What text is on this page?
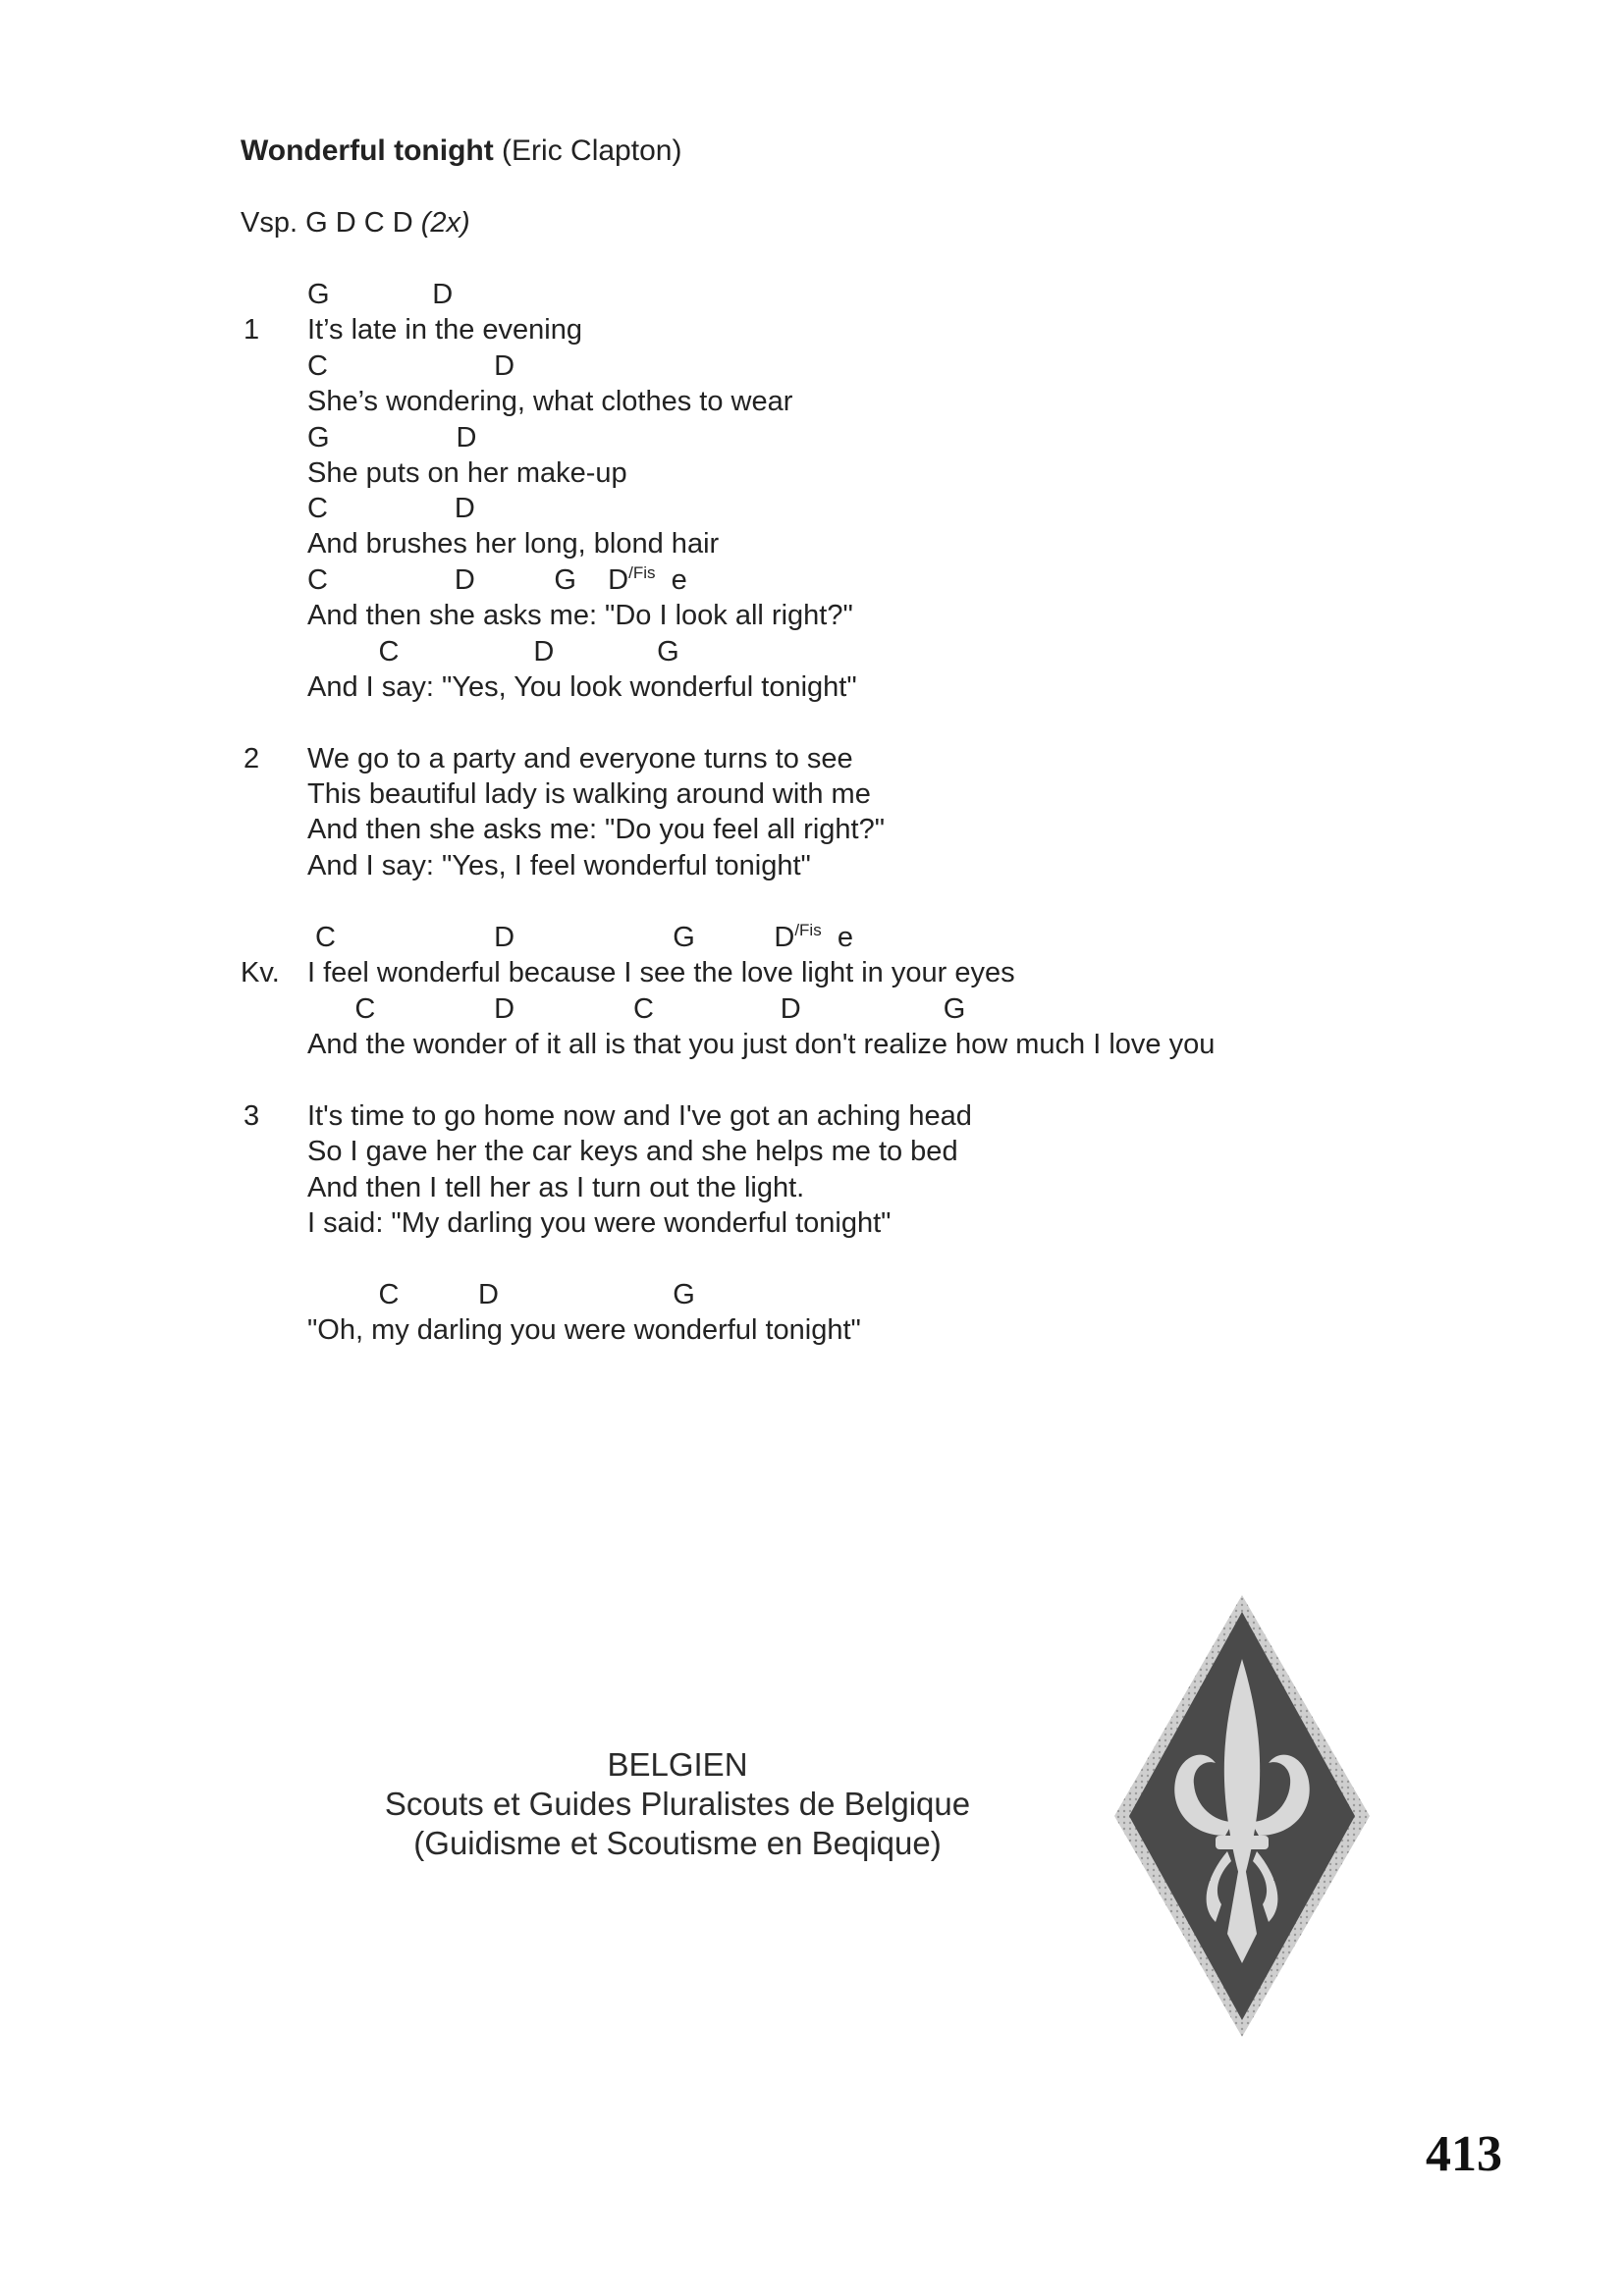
Wonderful tonight (Eric Clapton)
Vsp. G D C D (2x)
1
G             D
It’s late in the evening
C                     D
She’s wondering, what clothes to wear
G                D
She puts on her make-up
C                D
And brushes her long, blond hair
C                D          G    $D^{/Fis}$  e
And then she asks me: "Do I look all right?"
C                 D             G
And I say: "Yes, You look wonderful tonight"
2 We go to a party and everyone turns to see
This beautiful lady is walking around with me
And then she asks me: "Do you feel all right?"
And I say: "Yes, I feel wonderful tonight"
C                    D                    G          $D^{/Fis}$  e
Kv. I feel wonderful because I see the love light in your eyes
C               D               C                D                  G
And the wonder of it all is that you just don't realize how much I love you
3 It's time to go home now and I've got an aching head
So I gave her the car keys and she helps me to bed
And then I tell her as I turn out the light.
I said: "My darling you were wonderful tonight"
C          D                      G
"Oh, my darling you were wonderful tonight"
BELGIEN
Scouts et Guides Pluralistes de Belgique
(Guidisme et Scoutisme en Beqique)
413
